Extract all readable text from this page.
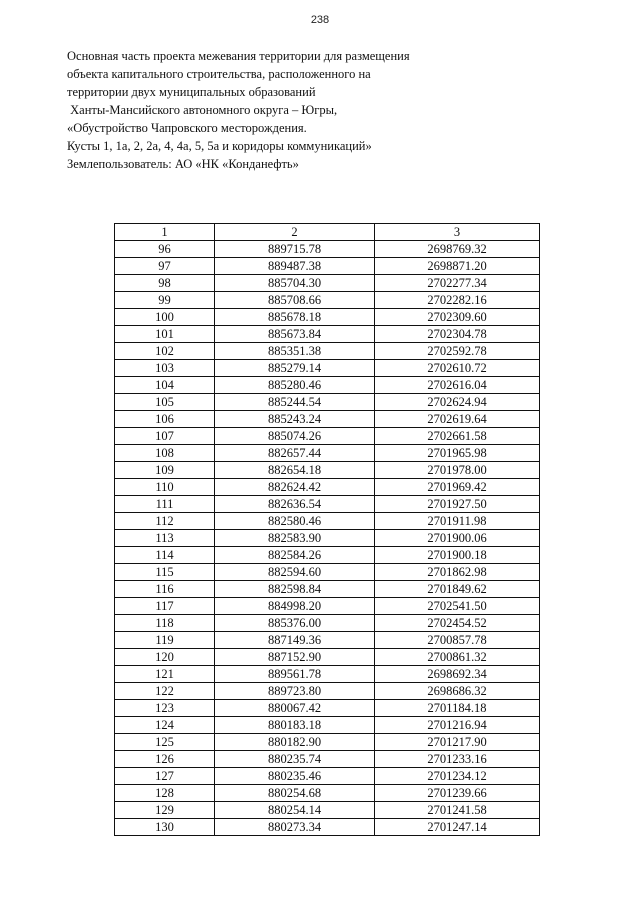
238
Основная часть проекта межевания территории для размещения
объекта капитального строительства, расположенного на
территории двух муниципальных образований
Ханты-Мансийского автономного округа – Югры,
«Обустройство Чапровского месторождения.
Кусты 1, 1а, 2, 2а, 4, 4а, 5, 5а и коридоры коммуникаций»
Землепользователь: АО «НК «Конданефть»
1	2	3
96	889715.78	2698769.32
97	889487.38	2698871.20
98	885704.30	2702277.34
99	885708.66	2702282.16
100	885678.18	2702309.60
101	885673.84	2702304.78
102	885351.38	2702592.78
103	885279.14	2702610.72
104	885280.46	2702616.04
105	885244.54	2702624.94
106	885243.24	2702619.64
107	885074.26	2702661.58
108	882657.44	2701965.98
109	882654.18	2701978.00
110	882624.42	2701969.42
111	882636.54	2701927.50
112	882580.46	2701911.98
113	882583.90	2701900.06
114	882584.26	2701900.18
115	882594.60	2701862.98
116	882598.84	2701849.62
117	884998.20	2702541.50
118	885376.00	2702454.52
119	887149.36	2700857.78
120	887152.90	2700861.32
121	889561.78	2698692.34
122	889723.80	2698686.32
123	880067.42	2701184.18
124	880183.18	2701216.94
125	880182.90	2701217.90
126	880235.74	2701233.16
127	880235.46	2701234.12
128	880254.68	2701239.66
129	880254.14	2701241.58
130	880273.34	2701247.14
